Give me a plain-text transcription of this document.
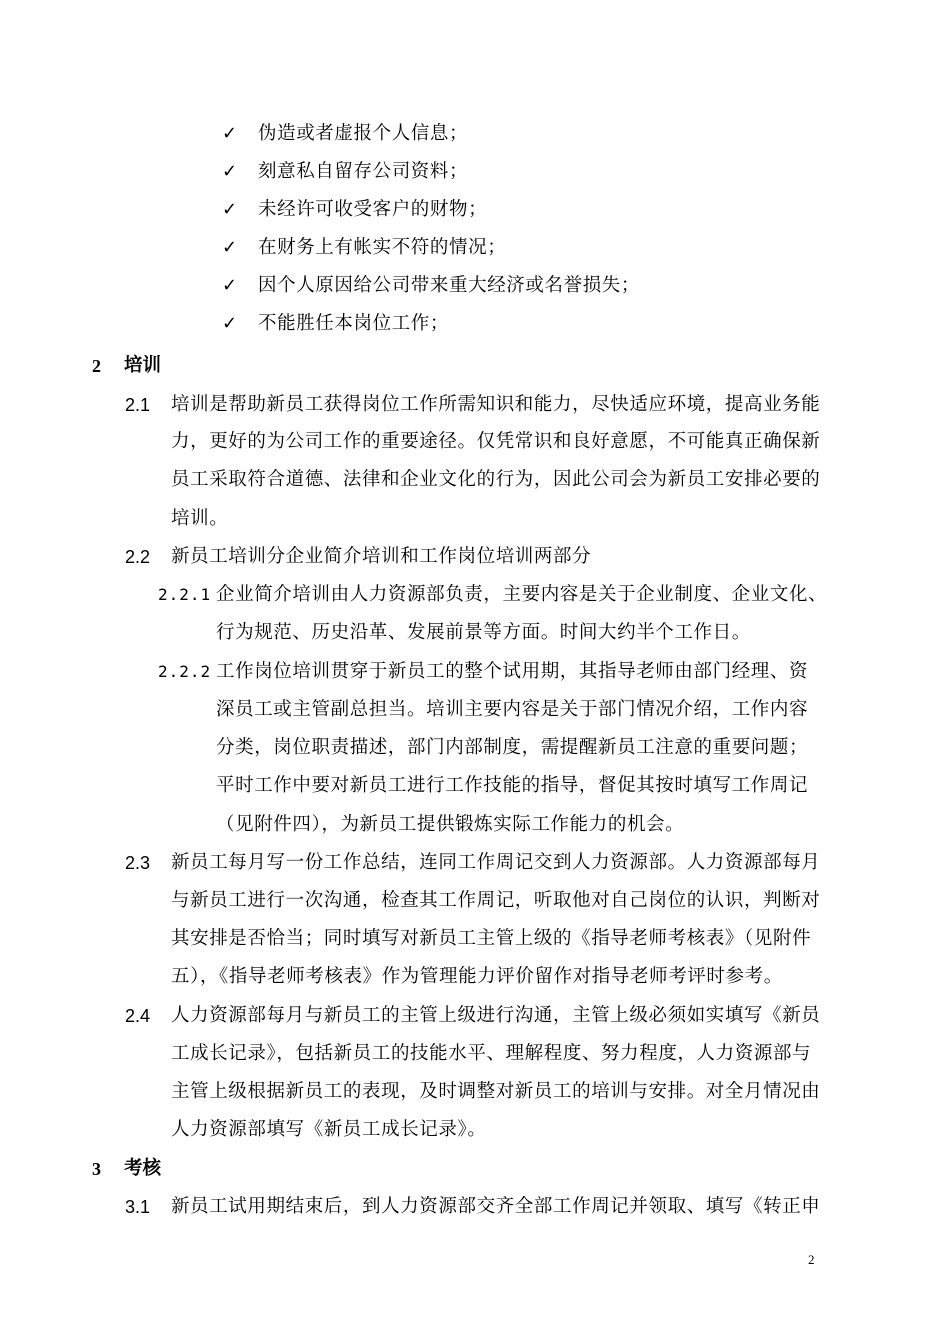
✓ 伪造或者虚报个人信息；
✓ 刻意私自留存公司资料；
✓ 未经许可收受客户的财物；
✓ 在财务上有帐实不符的情况；
✓ 因个人原因给公司带来重大经济或名誉损失；
✓ 不能胜任本岗位工作；
2 培训
2.1 培训是帮助新员工获得岗位工作所需知识和能力，尽快适应环境，提高业务能
力，更好的为公司工作的重要途径。仅凭常识和良好意愿，不可能真正确保新
员工采取符合道德、法律和企业文化的行为，因此公司会为新员工安排必要的
培训。
2.2 新员工培训分企业简介培训和工作岗位培训两部分
2.2.1 企业简介培训由人力资源部负责，主要内容是关于企业制度、企业文化、
行为规范、历史沿革、发展前景等方面。时间大约半个工作日。
2.2.2 工作岗位培训贯穿于新员工的整个试用期，其指导老师由部门经理、资
深员工或主管副总担当。培训主要内容是关于部门情况介绍，工作内容
分类，岗位职责描述，部门内部制度，需提醒新员工注意的重要问题；
平时工作中要对新员工进行工作技能的指导，督促其按时填写工作周记
（见附件四），为新员工提供锻炼实际工作能力的机会。
2.3 新员工每月写一份工作总结，连同工作周记交到人力资源部。人力资源部每月
与新员工进行一次沟通，检查其工作周记，听取他对自己岗位的认识，判断对
其安排是否恰当；同时填写对新员工主管上级的《指导老师考核表》（见附件
五），《指导老师考核表》作为管理能力评价留作对指导老师考评时参考。
2.4 人力资源部每月与新员工的主管上级进行沟通，主管上级必须如实填写《新员
工成长记录》，包括新员工的技能水平、理解程度、努力程度，人力资源部与
主管上级根据新员工的表现，及时调整对新员工的培训与安排。对全月情况由
人力资源部填写《新员工成长记录》。
3 考核
3.1 新员工试用期结束后，到人力资源部交齐全部工作周记并领取、填写《转正申
2
